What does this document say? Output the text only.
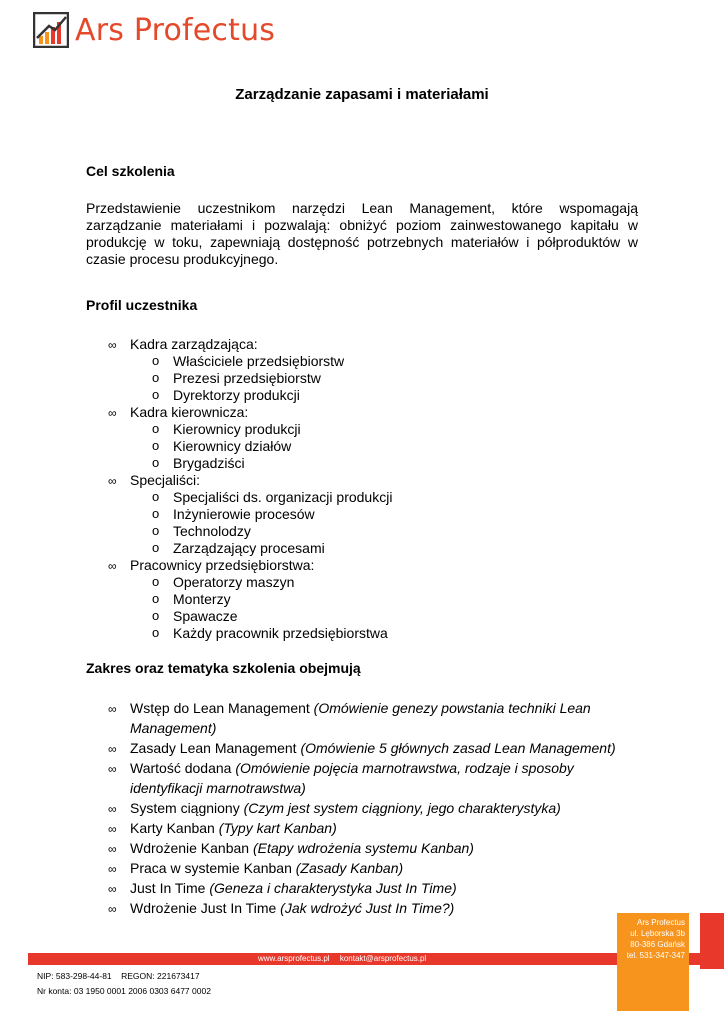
Ars Profectus
Zarządzanie zapasami i materiałami
Cel szkolenia
Przedstawienie uczestnikom narzędzi Lean Management, które wspomagają zarządzanie materiałami i pozwalają: obniżyć poziom zainwestowanego kapitału w produkcję w toku, zapewniają dostępność potrzebnych materiałów i półproduktów w czasie procesu produkcyjnego.
Profil uczestnika
∞ Kadra zarządzająca:
o Właściciele przedsiębiorstw
o Prezesi przedsiębiorstw
o Dyrektorzy produkcji
∞ Kadra kierownicza:
o Kierownicy produkcji
o Kierownicy działów
o Brygadziści
∞ Specjaliści:
o Specjaliści ds. organizacji produkcji
o Inżynierowie procesów
o Technolodzy
o Zarządzający procesami
∞ Pracownicy przedsiębiorstwa:
o Operatorzy maszyn
o Monterzy
o Spawacze
o Każdy pracownik przedsiębiorstwa
Zakres oraz tematyka szkolenia obejmują
∞ Wstęp do Lean Management (Omówienie genezy powstania techniki Lean Management)
∞ Zasady Lean Management (Omówienie 5 głównych zasad Lean Management)
∞ Wartość dodana (Omówienie pojęcia marnotrawstwa, rodzaje i sposoby identyfikacji marnotrawstwa)
∞ System ciągniony (Czym jest system ciągniony, jego charakterystyka)
∞ Karty Kanban (Typy kart Kanban)
∞ Wdrożenie Kanban (Etapy wdrożenia systemu Kanban)
∞ Praca w systemie Kanban (Zasady Kanban)
∞ Just In Time (Geneza i charakterystyka Just In Time)
∞ Wdrożenie Just In Time (Jak wdrożyć Just In Time?)
www.arsprofectus.pl kontakt@arsprofectus.pl
Ars Profectus
ul. Lęborska 3b
80-386 Gdańsk
tel. 531-347-347
NIP: 583-298-44-81 REGON: 221673417
Nr konta: 03 1950 0001 2006 0303 6477 0002
